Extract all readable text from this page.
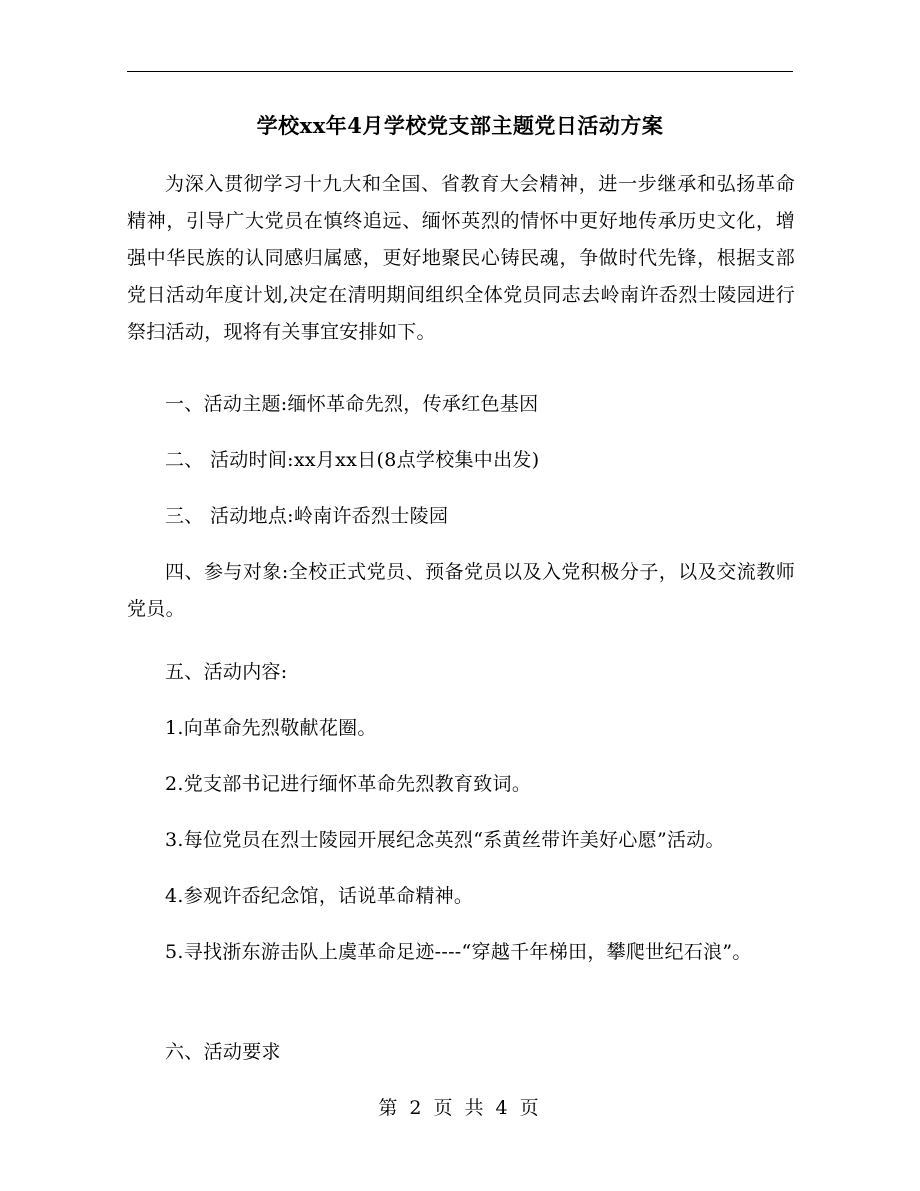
学校xx年4月学校党支部主题党日活动方案

为深入贯彻学习十九大和全国、省教育大会精神，进一步继承和弘扬革命精神，引导广大党员在慎终追远、缅怀英烈的情怀中更好地传承历史文化，增强中华民族的认同感归属感，更好地聚民心铸民魂，争做时代先锋，根据支部党日活动年度计划,决定在清明期间组织全体党员同志去岭南许岙烈士陵园进行祭扫活动，现将有关事宜安排如下。

一、活动主题:缅怀革命先烈，传承红色基因

二、 活动时间:xx月xx日(8点学校集中出发)

三、 活动地点:岭南许岙烈士陵园

四、参与对象:全校正式党员、预备党员以及入党积极分子，以及交流教师党员。

五、活动内容:

1.向革命先烈敬献花圈。

2.党支部书记进行缅怀革命先烈教育致词。

3.每位党员在烈士陵园开展纪念英烈“系黄丝带许美好心愿”活动。

4.参观许岙纪念馆，话说革命精神。

5.寻找浙东游击队上虞革命足迹----“穿越千年梯田，攀爬世纪石浪”。

六、活动要求

第 2 页 共 4 页
